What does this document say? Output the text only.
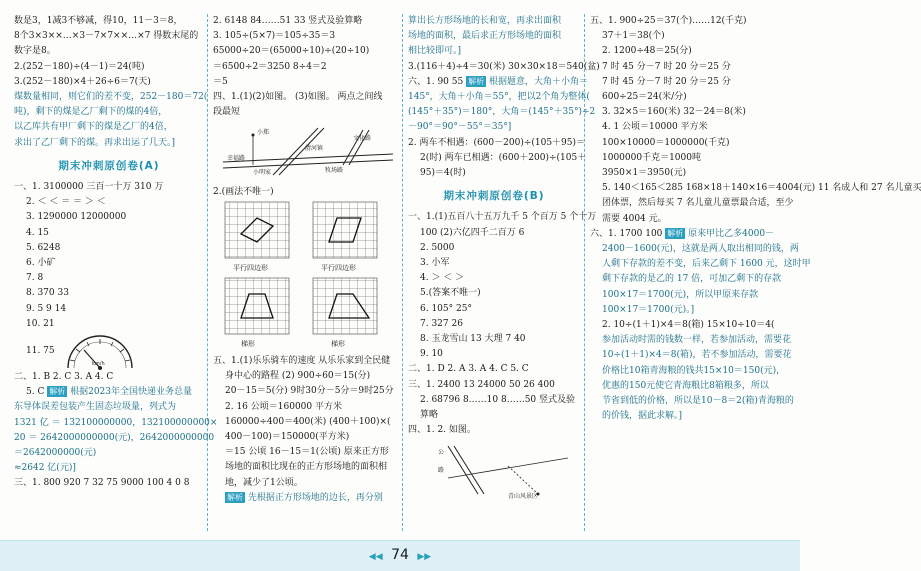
数是3，1减3不够减，得10，11－3＝8，
8个3×3××…×3－7×7××…×7 得数末尾的
数字是8。
2.(252－180)÷(4－1)＝24(吨)
3.(252－180)×4＋26÷6＝7(天)
煤数量相同，则它们的差不变，252－180＝72(
吨)，剩下的煤是乙厂剩下的煤的4倍，
以乙库共有甲厂剩下的煤是乙厂的4倍，
求出了乙厂剩下的煤。再求出运了几天。]
期末冲刺原创卷(A)
一、1. 3100000 三百一十万 310 万
2. ＜ ＜ ＝ ＝ ＞ ＜
3. 1290000 12000000
4. 15
5. 6248
6. 小矿
7. 8
8. 370 33
9. 5 9 14
10. 21
11. 75
km/h
二、1. B 2. C 3. A 4. C
5. C 解析 根据2023年全国快递业务总量
东导体误差包装产生固态垃圾量，列式为
1321 亿 ＝ 132100000000，132100000000×
20 ＝ 2642000000000(元)，2642000000000
＝2642000000(元)
≈2642 亿(元)]
三、1. 800 920 7 32 75 9000 100 4 0 8
2. 6148 84……51 33 竖式及验算略
3. 105÷(5×7)＝105÷35＝3
65000÷20＝(65000÷10)÷(20÷10)
＝6500÷2＝3250 8÷4＝2
＝5
四、1.(1)(2)如图。 (3)如图。 两点之间线
段最短
小郑
清河镇
文化路
幸福路
小明家	牧场路
2.(画法不唯一)
平行四边形	平行四边形
梯形	梯形
五、1.(1)乐乐骑车的速度 从乐乐家到全民健
身中心的路程 (2) 900÷60＝15(分)
20－15＝5(分) 9时30分－5分＝9时25分
2. 16 公顷＝160000 平方米
160000÷400＝400(米) (400＋100)×(
400－100)＝150000(平方米)
＝15 公顷 16－15＝1(公顷) 原来正方形
场地的面积比现在的正方形场地的面积相
地，减少了1公顷。
解析 先根据正方形场地的边长，再分别
算出长方形场地的长和宽，再求出面积
场地的面积，最后求正方形场地的面积
相比较即可。]
3.(116＋4)÷4＝30(米) 30×30×18＝540(盆)
六、1. 90 55 解析 根据题意，大角＋小角＝
145°，大角＋小角＝55°，把以2个角为整体(
(145°＋35°)＝180°，大角＝(145°＋35°)÷2
－90°＝90°－55°＝35°]
2. 两车不相遇：(600－200)÷(105＋95)＝
2(时) 两车已相遇：(600＋200)÷(105＋
95)＝4(时)
期末冲刺原创卷(B)
一、1.(1)五百八十五万九千 5 个百万 5 个十万
100 (2)六亿四千二百万 6
2. 5000
3. 小军
4. ＞ ＜ ＞
5.(答案不唯一)
6. 105° 25°
7. 327 26
8. 玉龙雪山 13 大理 7 40
9. 10
二、1. D 2. A 3. A 4. C 5. C
三、1. 2400 13 24000 50 26 400
2. 68796 8……10 8……50 竖式及验
算略
四、1. 2. 如图。
公
路
青山风景区
五、1. 900÷25＝37(个)……12(千克)
37＋1＝38(个)
2. 1200÷48＝25(分)
7 时 45 分－7 时 20 分＝25 分
7 时 45 分－7 时 20 分＝25 分
600÷25＝24(米/分)
3. 32×5＝160(米) 32－24＝8(米)
4. 1 公顷＝10000 平方米
100×10000＝1000000(千克)
1000000千克＝1000吨
3950×1＝3950(元)
5. 140＜165＜285 168×18＋140×16＝4004(元) 11 名成人和 27 名儿童买
团体票，然后每买 7 名儿童儿童票最合适，至少
需要 4004 元。
六、1. 1700 100 解析 原来甲比乙多4000－
2400－1600(元)，这就是两人取出相同的钱，两
人剩下存款的差不变，后来乙剩下 1600 元，这时甲
剩下存款的是乙的 17 倍，可加乙剩下的存款
100×17＝1700(元)，所以甲原来存款
100×17＝1700(元)。]
2. 10÷(1＋1)×4＝8(箱) 15×10÷10＝4(
参加活动时需的钱数一样，若参加活动，需要花
10÷(1＋1)×4＝8(箱)，若不参加活动，需要花
价格比10箱青海粮的钱共15×10＝150(元)，
优惠的150元使它青海粮比8箱粮多，所以
节省到低的价格，所以是10－8＝2(箱)青海粮的
的价钱，据此求解。]
◀◀ 74 ▶▶
